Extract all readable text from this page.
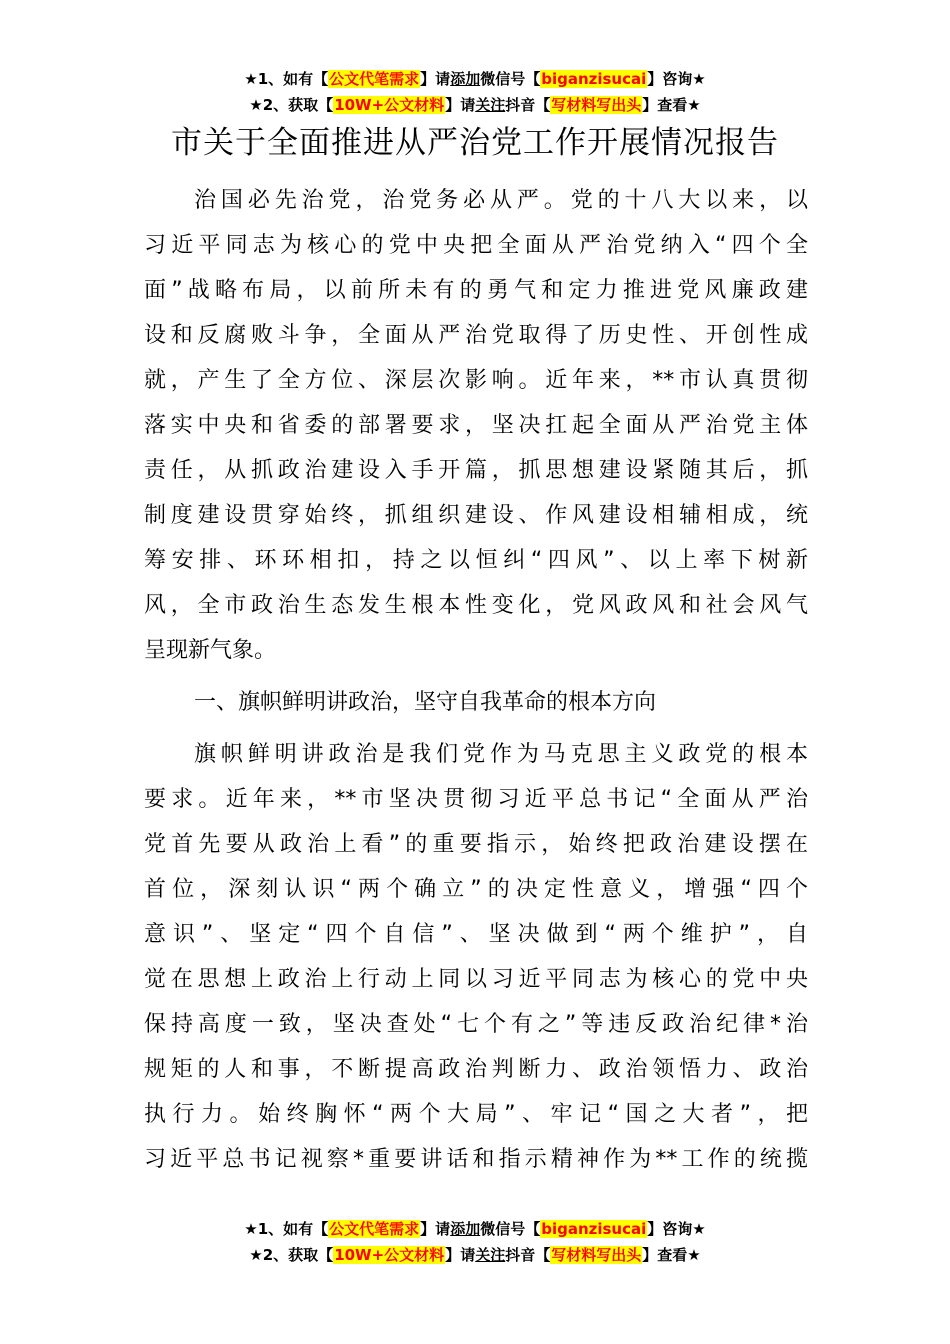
★1、如有【公文代笔需求】请添加微信号【biganzisucai】咨询★
★2、获取【10W+公文材料】请关注抖音【写材料写出头】查看★
市关于全面推进从严治党工作开展情况报告
治国必先治党，治党务必从严。党的十八大以来，以
习近平同志为核心的党中央把全面从严治党纳入“四个全
面”战略布局，以前所未有的勇气和定力推进党风廉政建
设和反腐败斗争，全面从严治党取得了历史性、开创性成
就，产生了全方位、深层次影响。近年来，**市认真贯彻
落实中央和省委的部署要求，坚决扛起全面从严治党主体
责任，从抓政治建设入手开篇，抓思想建设紧随其后，抓
制度建设贯穿始终，抓组织建设、作风建设相辅相成，统
筹安排、环环相扣，持之以恒纠“四风”、以上率下树新
风，全市政治生态发生根本性变化，党风政风和社会风气
呈现新气象。
一、旗帜鲜明讲政治，坚守自我革命的根本方向
旗帜鲜明讲政治是我们党作为马克思主义政党的根本
要求。近年来，**市坚决贯彻习近平总书记“全面从严治
党首先要从政治上看”的重要指示，始终把政治建设摆在
首位，深刻认识“两个确立”的决定性意义，增强“四个
意识”、坚定“四个自信”、坚决做到“两个维护”，自
觉在思想上政治上行动上同以习近平同志为核心的党中央
保持高度一致，坚决查处“七个有之”等违反政治纪律*治
规矩的人和事，不断提高政治判断力、政治领悟力、政治
执行力。始终胸怀“两个大局”、牢记“国之大者”，把
习近平总书记视察*重要讲话和指示精神作为**工作的统揽
★1、如有【公文代笔需求】请添加微信号【biganzisucai】咨询★
★2、获取【10W+公文材料】请关注抖音【写材料写出头】查看★
